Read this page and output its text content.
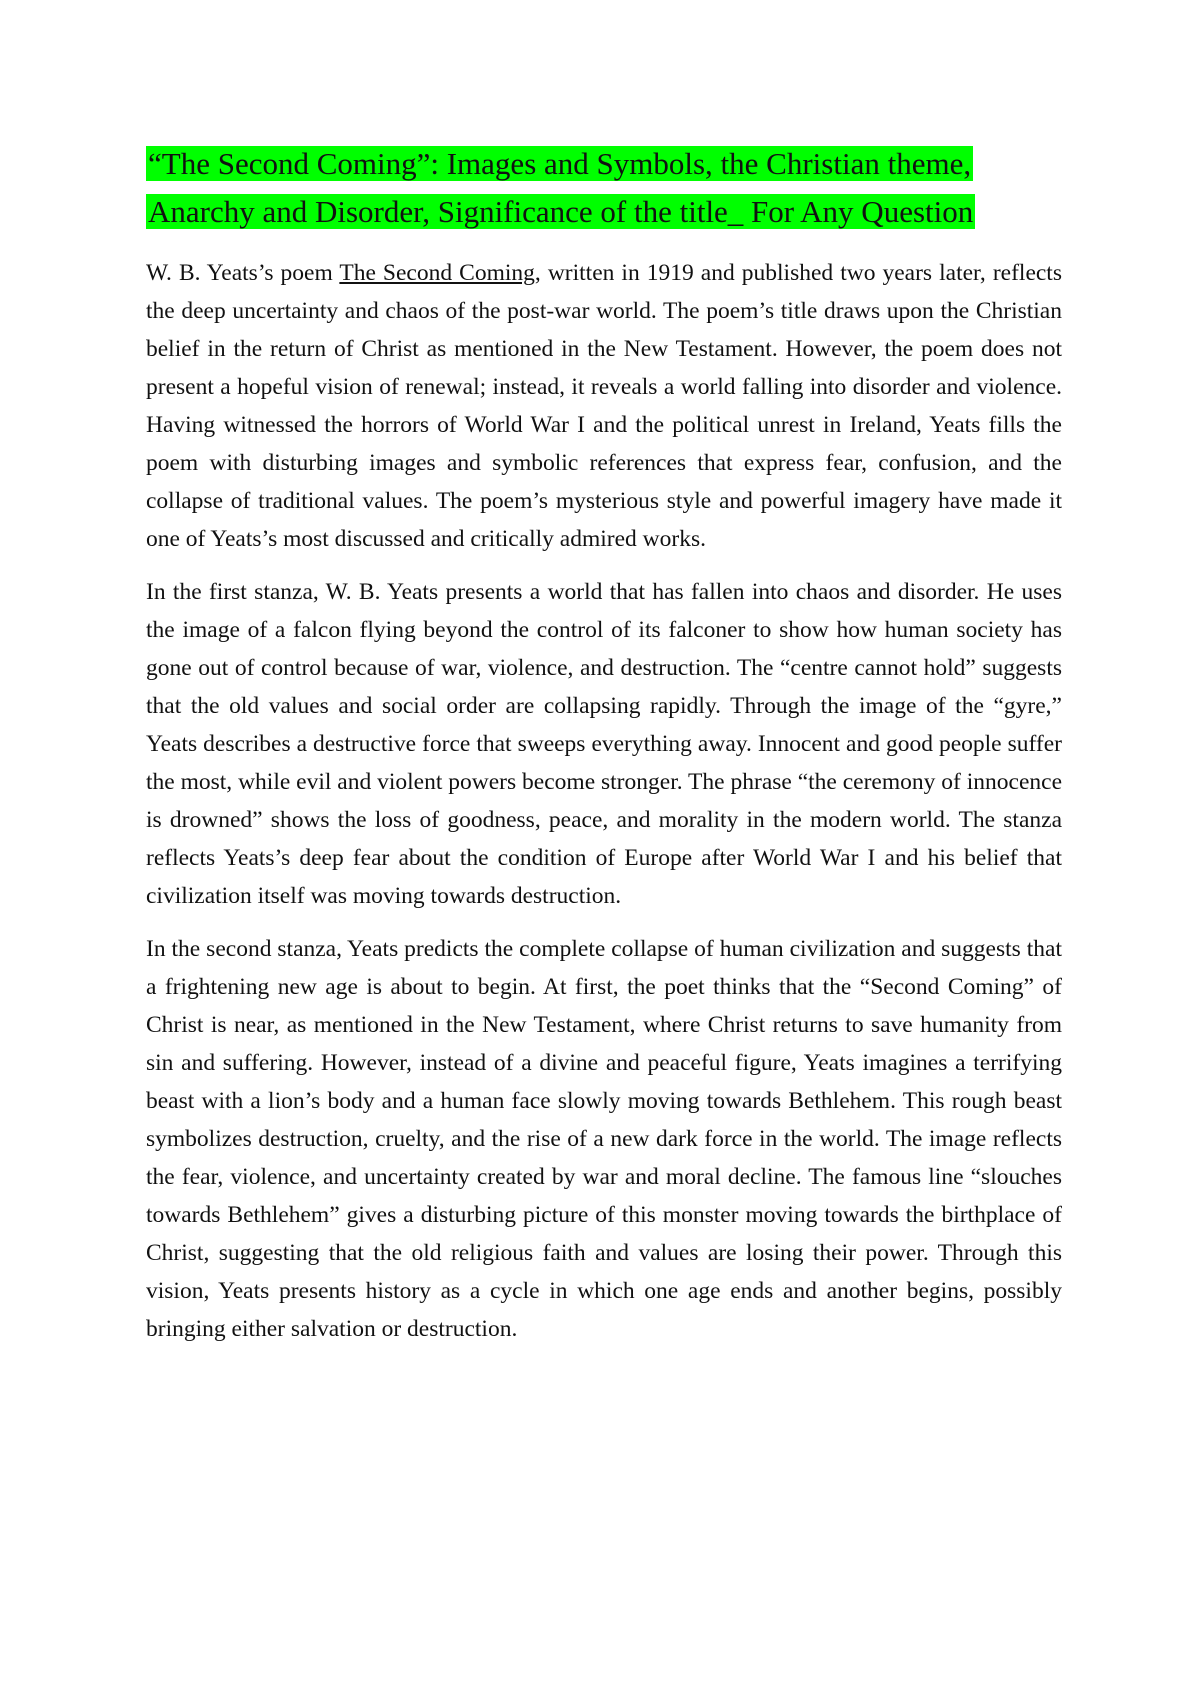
“The Second Coming”: Images and Symbols, the Christian theme, Anarchy and Disorder, Significance of the title_ For Any Question

W. B. Yeats’s poem The Second Coming, written in 1919 and published two years later, reflects the deep uncertainty and chaos of the post-war world. The poem’s title draws upon the Christian belief in the return of Christ as mentioned in the New Testament. However, the poem does not present a hopeful vision of renewal; instead, it reveals a world falling into disorder and violence. Having witnessed the horrors of World War I and the political unrest in Ireland, Yeats fills the poem with disturbing images and symbolic references that express fear, confusion, and the collapse of traditional values. The poem’s mysterious style and powerful imagery have made it one of Yeats’s most discussed and critically admired works.

In the first stanza, W. B. Yeats presents a world that has fallen into chaos and disorder. He uses the image of a falcon flying beyond the control of its falconer to show how human society has gone out of control because of war, violence, and destruction. The “centre cannot hold” suggests that the old values and social order are collapsing rapidly. Through the image of the “gyre,” Yeats describes a destructive force that sweeps everything away. Innocent and good people suffer the most, while evil and violent powers become stronger. The phrase “the ceremony of innocence is drowned” shows the loss of goodness, peace, and morality in the modern world. The stanza reflects Yeats’s deep fear about the condition of Europe after World War I and his belief that civilization itself was moving towards destruction.

In the second stanza, Yeats predicts the complete collapse of human civilization and suggests that a frightening new age is about to begin. At first, the poet thinks that the “Second Coming” of Christ is near, as mentioned in the New Testament, where Christ returns to save humanity from sin and suffering. However, instead of a divine and peaceful figure, Yeats imagines a terrifying beast with a lion’s body and a human face slowly moving towards Bethlehem. This rough beast symbolizes destruction, cruelty, and the rise of a new dark force in the world. The image reflects the fear, violence, and uncertainty created by war and moral decline. The famous line “slouches towards Bethlehem” gives a disturbing picture of this monster moving towards the birthplace of Christ, suggesting that the old religious faith and values are losing their power. Through this vision, Yeats presents history as a cycle in which one age ends and another begins, possibly bringing either salvation or destruction.
